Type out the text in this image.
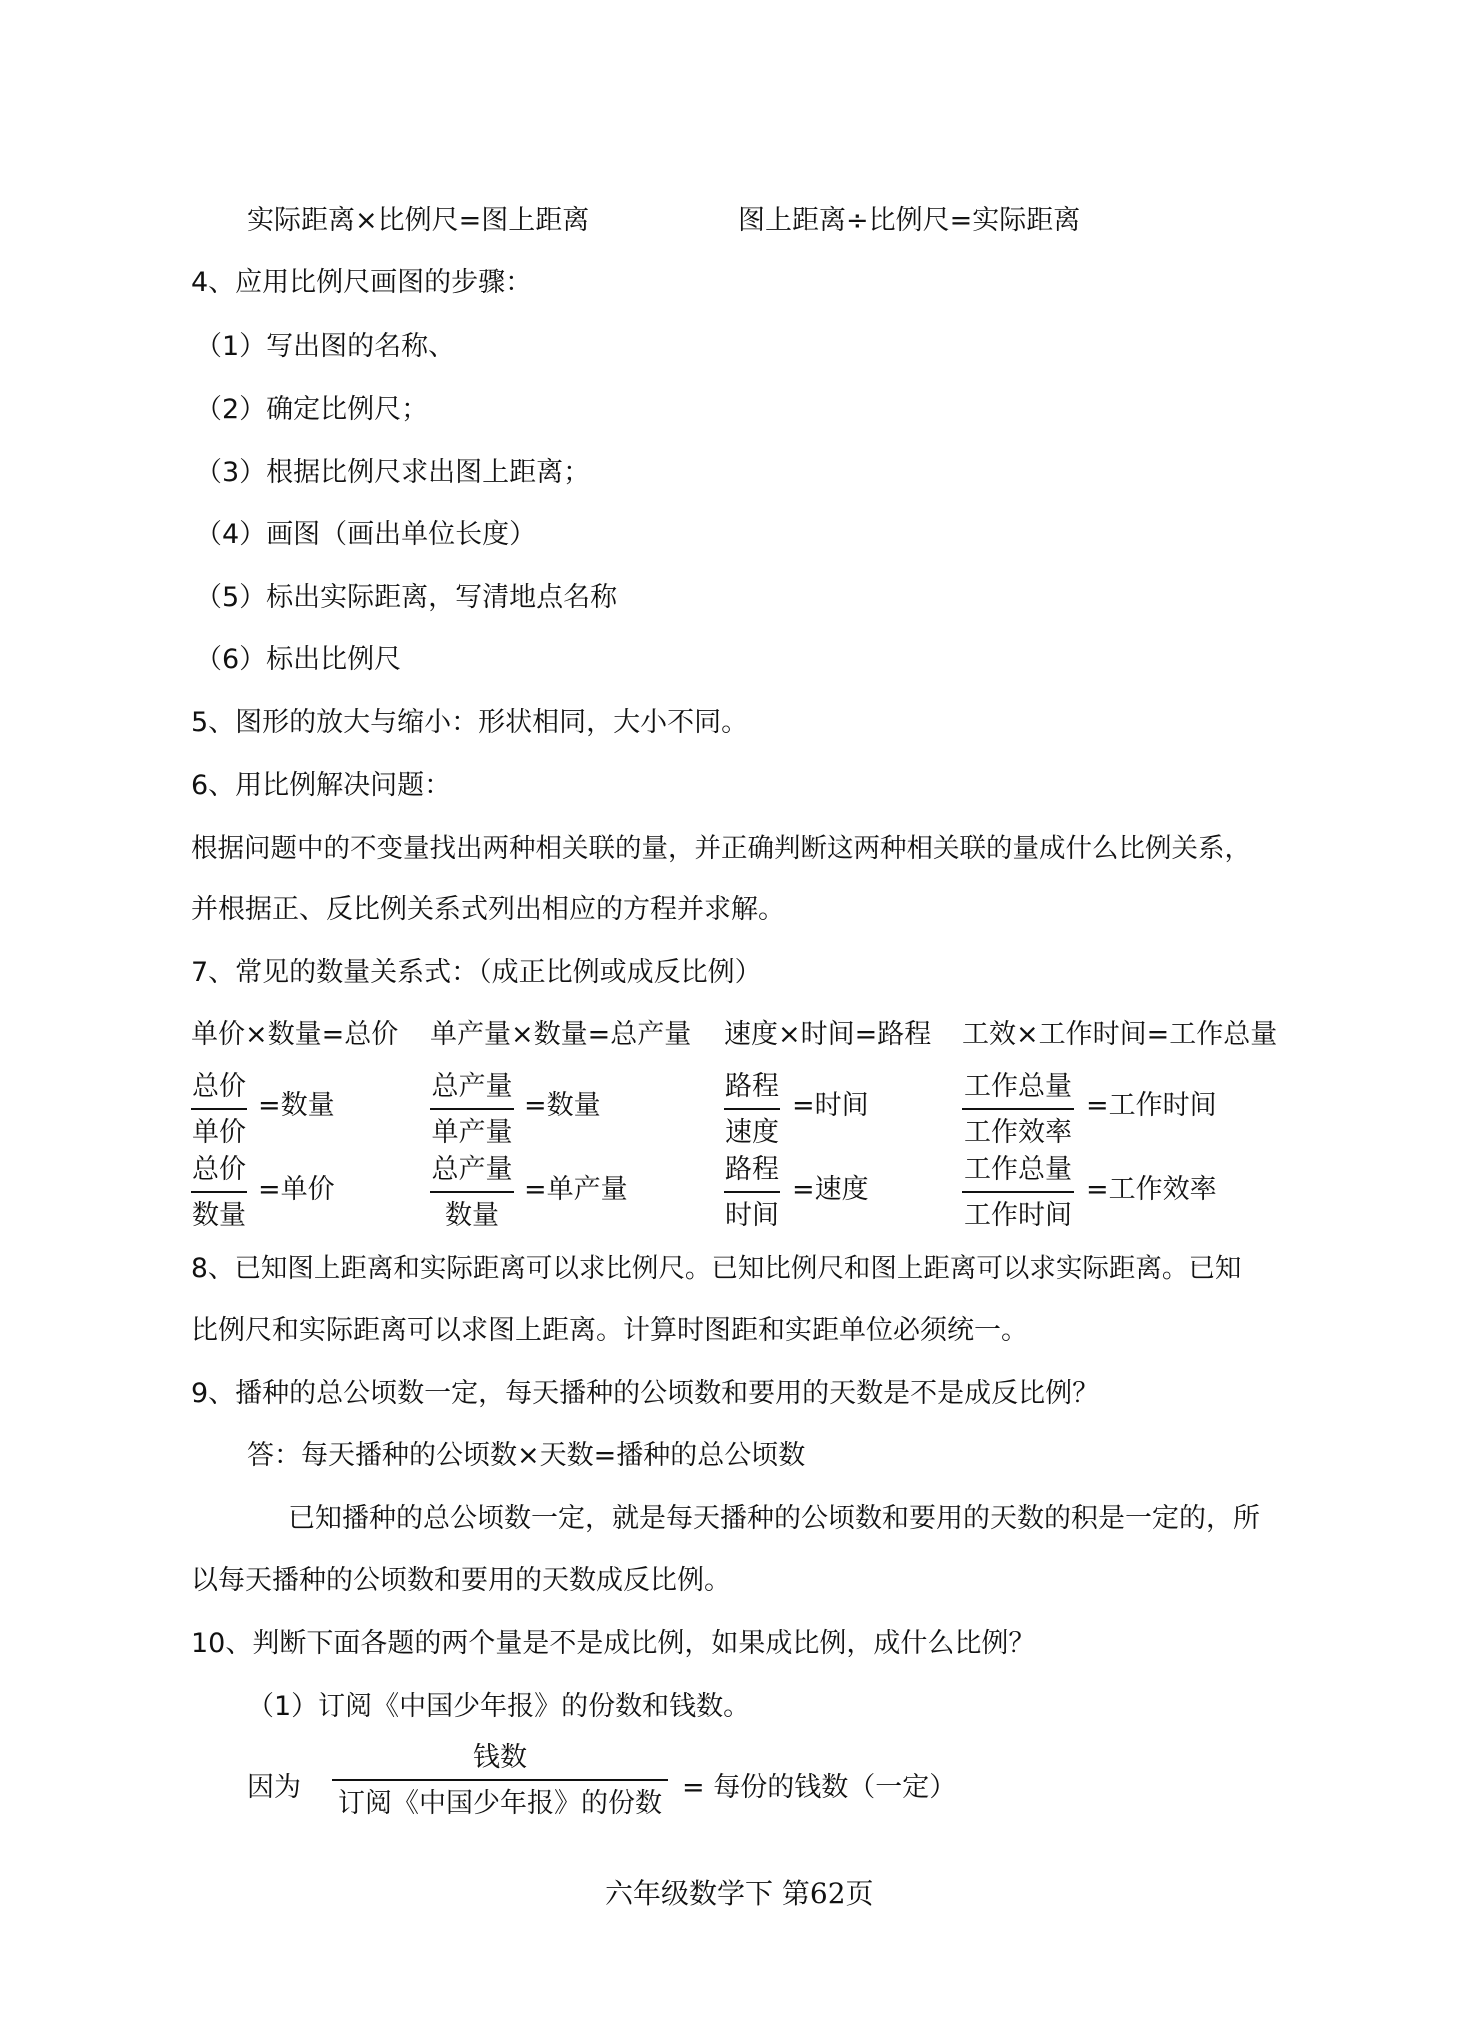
实际距离×比例尺=图上距离	图上距离÷比例尺=实际距离
4、应用比例尺画图的步骤：
（1）写出图的名称、
（2）确定比例尺；
（3）根据比例尺求出图上距离；
（4）画图（画出单位长度）
（5）标出实际距离，写清地点名称
（6）标出比例尺
5、图形的放大与缩小：形状相同，大小不同。
6、用比例解决问题：
根据问题中的不变量找出两种相关联的量，并正确判断这两种相关联的量成什么比例关系，
并根据正、反比例关系式列出相应的方程并求解。
7、常见的数量关系式：（成正比例或成反比例）
单价×数量=总价 单产量×数量=总产量 速度×时间=路程 工效×工作时间=工作总量
总价
单价
=数量
总产量
单产量
=数量
路程
速度
=时间
工作总量
工作效率
=工作时间
总价
数量
=单价
总产量
数量
=单产量
路程
时间
=速度
工作总量
工作时间
=工作效率
8、已知图上距离和实际距离可以求比例尺。已知比例尺和图上距离可以求实际距离。已知
比例尺和实际距离可以求图上距离。计算时图距和实距单位必须统一。
9、播种的总公顷数一定，每天播种的公顷数和要用的天数是不是成反比例？
答：每天播种的公顷数×天数=播种的总公顷数
已知播种的总公顷数一定，就是每天播种的公顷数和要用的天数的积是一定的，所
以每天播种的公顷数和要用的天数成反比例。
10、判断下面各题的两个量是不是成比例，如果成比例，成什么比例？
（1）订阅《中国少年报》的份数和钱数。
因为
钱数
订阅《中国少年报》的份数
= 每份的钱数（一定）
六年级数学下 第62页
